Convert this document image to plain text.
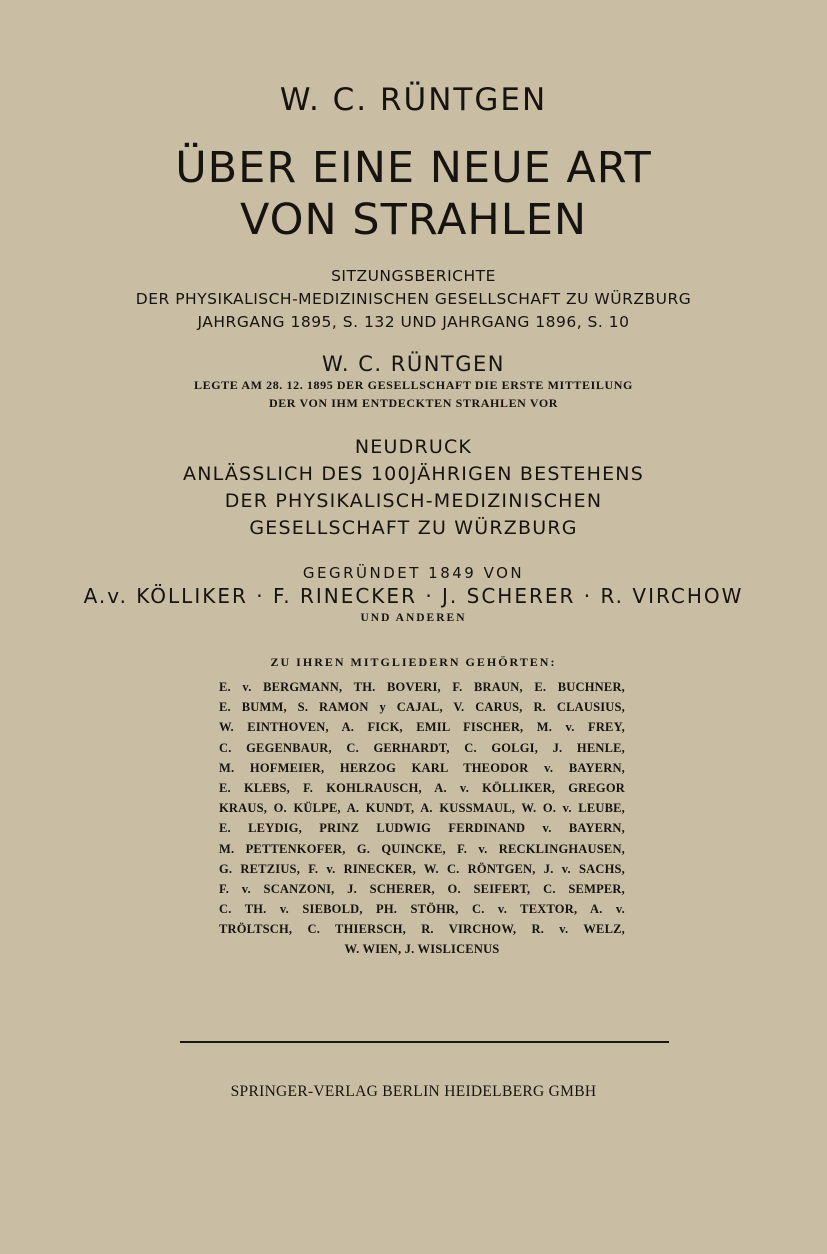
W. C. RÜNTGEN
ÜBER EINE NEUE ART
VON STRAHLEN
SITZUNGSBERICHTE
DER PHYSIKALISCH-MEDIZINISCHEN GESELLSCHAFT ZU WÜRZBURG
JAHRGANG 1895, S. 132 UND JAHRGANG 1896, S. 10
W. C. RÜNTGEN
LEGTE AM 28. 12. 1895 DER GESELLSCHAFT DIE ERSTE MITTEILUNG
DER VON IHM ENTDECKTEN STRAHLEN VOR
NEUDRUCK
ANLÄSSLICH DES 100JÄHRIGEN BESTEHENS
DER PHYSIKALISCH-MEDIZINISCHEN
GESELLSCHAFT ZU WÜRZBURG
GEGRÜNDET 1849 VON
A.v. KÖLLIKER · F. RINECKER · J. SCHERER · R. VIRCHOW
UND ANDEREN
ZU IHREN MITGLIEDERN GEHÖRTEN:
E. v. BERGMANN, TH. BOVERI, F. BRAUN, E. BUCHNER,
E. BUMM, S. RAMON y CAJAL, V. CARUS, R. CLAUSIUS,
W. EINTHOVEN, A. FICK, EMIL FISCHER, M. v. FREY,
C. GEGENBAUR, C. GERHARDT, C. GOLGI, J. HENLE,
M. HOFMEIER, HERZOG KARL THEODOR v. BAYERN,
E. KLEBS, F. KOHLRAUSCH, A. v. KÖLLIKER, GREGOR
KRAUS, O. KÜLPE, A. KUNDT, A. KUSSMAUL, W. O. v. LEUBE,
E. LEYDIG, PRINZ LUDWIG FERDINAND v. BAYERN,
M. PETTENKOFER, G. QUINCKE, F. v. RECKLINGHAUSEN,
G. RETZIUS, F. v. RINECKER, W. C. RÖNTGEN, J. v. SACHS,
F. v. SCANZONI, J. SCHERER, O. SEIFERT, C. SEMPER,
C. TH. v. SIEBOLD, PH. STÖHR, C. v. TEXTOR, A. v.
TRÖLTSCH, C. THIERSCH, R. VIRCHOW, R. v. WELZ,
W. WIEN, J. WISLICENUS
SPRINGER-VERLAG BERLIN HEIDELBERG GMBH
